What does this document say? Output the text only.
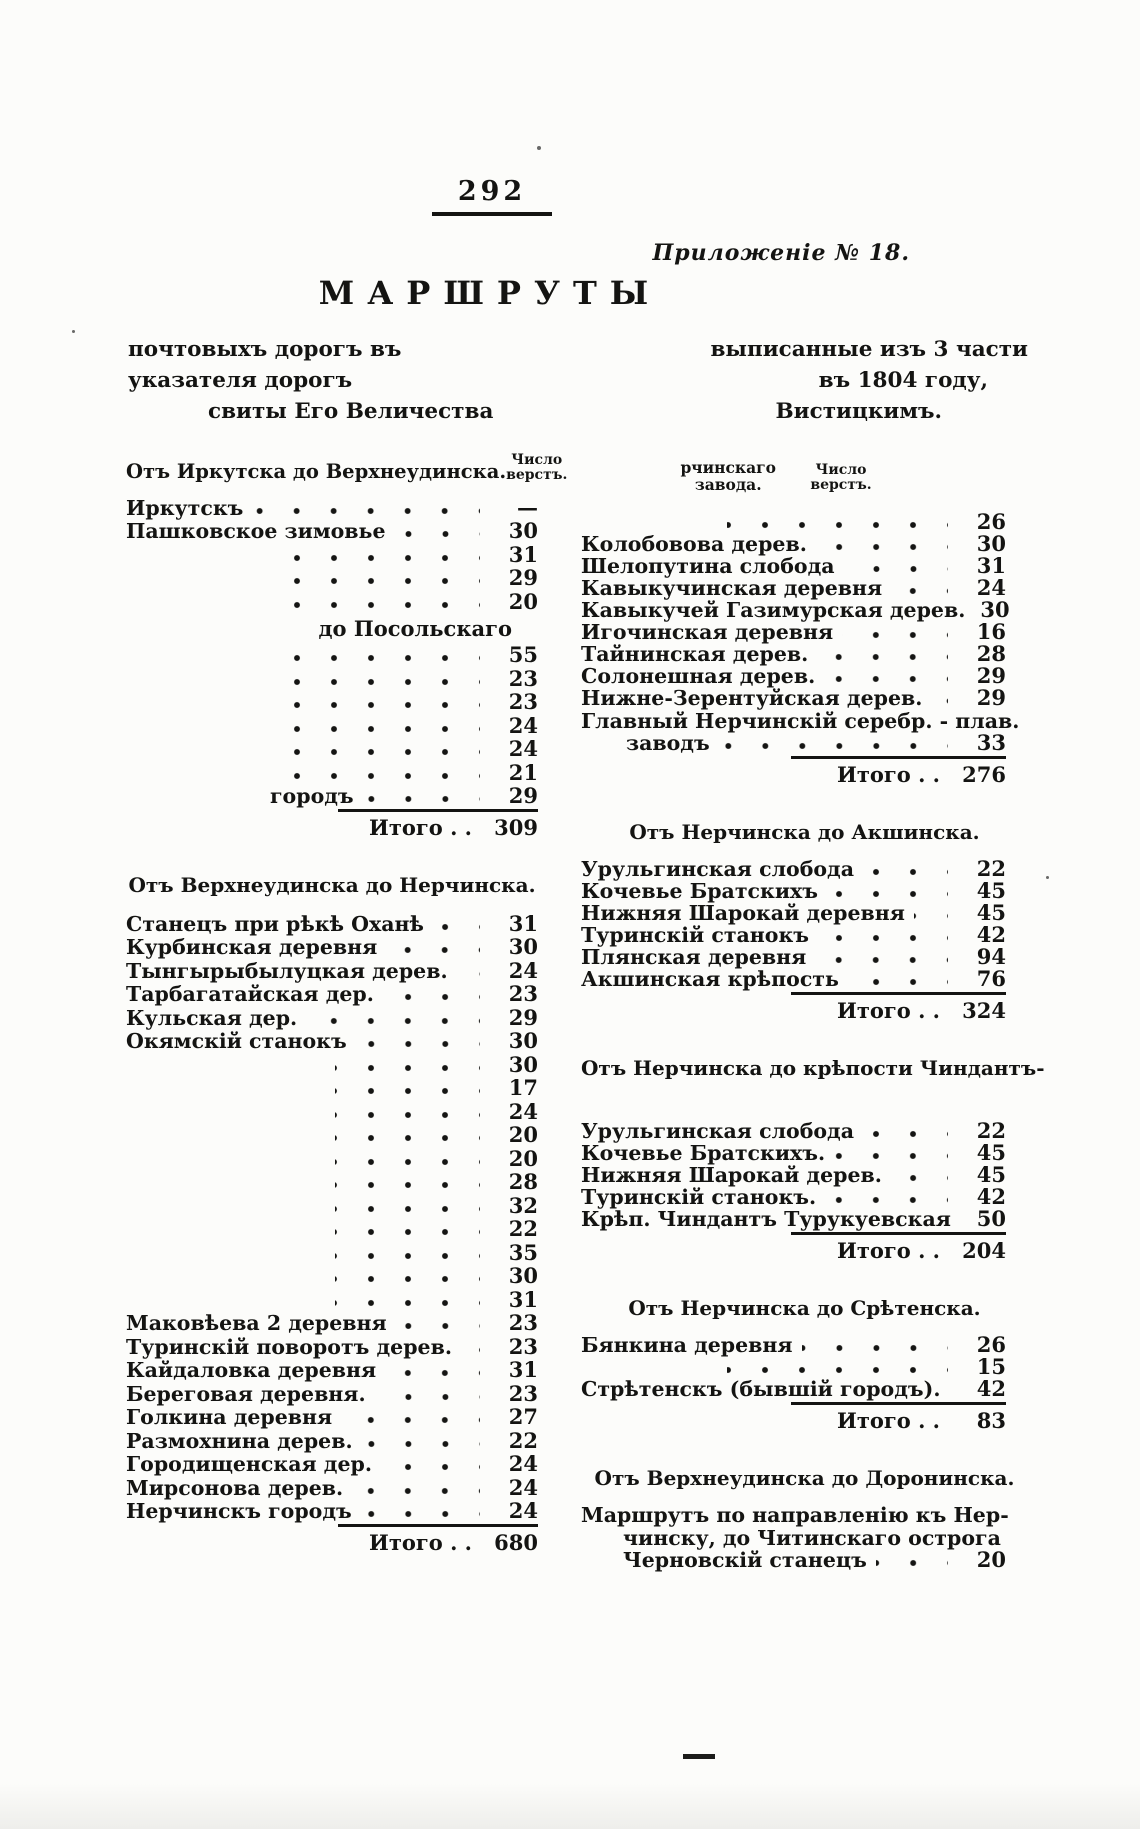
292
Приложеніе № 18.
МАРШРУТЫ
почтовыхъ дорогъ въ
указателя дорогъ
свиты Его Величества
выписанные изъ 3 части
въ 1804 году,
Вистицкимъ.
Отъ Иркутска до Верхнеудинска. Число
верстъ.
Иркутскъ	—
Пашковское зимовье	30
31
29
20
до Посольскаго
55
23
23
24
24
21
городъ	29
Итого . .	309
Отъ Верхнеудинска до Нерчинска.
Станецъ при рѣкѣ Оханѣ	31
Курбинская деревня	30
Тынгырыбылуцкая дерев.	24
Тарбагатайская дер.	23
Кульская дер.	29
Окямскій станокъ	30
30
17
24
20
20
28
32
22
35
30
31
Маковѣева 2 деревня	23
Туринскій поворотъ дерев.	23
Кайдаловка деревня	31
Береговая деревня.	23
Голкина деревня	27
Размохнина дерев.	22
Городищенская дер.	24
Мирсонова дерев.	24
Нерчинскъ городъ	24
Итого . .	680
рчинскаго
завода.
Число
верстъ.
26
Колобовова дерев.	30
Шелопутина слобода	31
Кавыкучинская деревня	24
Кавыкучей Газимурская дерев. 30
Игочинская деревня	16
Тайнинская дерев.	28
Солонешная дерев.	29
Нижне-Зерентуйская дерев.	29
Главный Нерчинскій серебр. - плав.
заводъ	33
Итого . .	276
Отъ Нерчинска до Акшинска.
Урульгинская слобода	22
Кочевье Братскихъ	45
Нижняя Шарокай деревня	45
Туринскій станокъ	42
Плянская деревня	94
Акшинская крѣпость	76
Итого . .	324
Отъ Нерчинска до крѣпости Чиндантъ-
Урульгинская слобода	22
Кочевье Братскихъ.	45
Нижняя Шарокай дерев.	45
Туринскій станокъ.	42
Крѣп. Чиндантъ Турукуевская	50
Итого . .	204
Отъ Нерчинска до Срѣтенска.
Бянкина деревня	26
15
Стрѣтенскъ (бывшій городъ).	42
Итого . .	83
Отъ Верхнеудинска до Доронинска.
Маршрутъ по направленію къ Нер-
чинску, до Читинскаго острога
Черновскій станецъ	20
